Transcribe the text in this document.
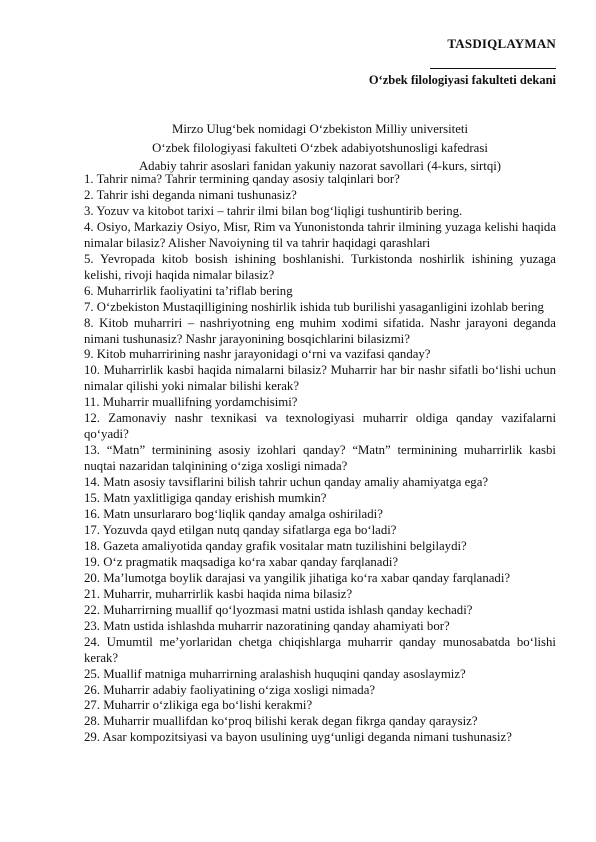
TASDIQLAYMAN
O‘zbek filologiyasi fakulteti dekani
Mirzo Ulug‘bek nomidagi O‘zbekiston Milliy universiteti
O‘zbek filologiyasi fakulteti O‘zbek adabiyotshunosligi kafedrasi
Adabiy tahrir asoslari fanidan yakuniy nazorat savollari (4-kurs, sirtqi)

1. Tahrir nima? Tahrir termining qanday asosiy talqinlari bor?

2. Tahrir ishi deganda nimani tushunasiz?

3. Yozuv va kitobot tarixi – tahrir ilmi bilan bog‘liqligi tushuntirib bering.

4. Osiyo, Markaziy Osiyo, Misr, Rim va Yunonistonda tahrir ilmining yuzaga kelishi haqida nimalar bilasiz? Alisher Navoiyning til va tahrir haqidagi qarashlari

5. Yevropada kitob bosish ishining boshlanishi. Turkistonda noshirlik ishining yuzaga kelishi, rivoji haqida nimalar bilasiz?

6. Muharrirlik faoliyatini ta’riflab bering

7. O‘zbekiston Mustaqilligining noshirlik ishida tub burilishi yasaganligini izohlab bering

8. Kitob muharriri – nashriyotning eng muhim xodimi sifatida. Nashr jarayoni deganda nimani tushunasiz? Nashr jarayonining bosqichlarini bilasizmi?

9. Kitob muharririning nashr jarayonidagi o‘rni va vazifasi qanday?

10. Muharrirlik kasbi haqida nimalarni bilasiz? Muharrir har bir nashr sifatli bo‘lishi uchun nimalar qilishi yoki nimalar bilishi kerak?

11. Muharrir muallifning yordamchisimi?

12. Zamonaviy nashr texnikasi va texnologiyasi muharrir oldiga qanday vazifalarni qo‘yadi?

13. “Matn” terminining asosiy izohlari qanday? “Matn” terminining muharrirlik kasbi nuqtai nazaridan talqinining o‘ziga xosligi nimada?

14. Matn asosiy tavsiflarini bilish tahrir uchun qanday amaliy ahamiyatga ega?

15. Matn yaxlitligiga qanday erishish mumkin?

16. Matn unsurlararo bog‘liqlik qanday amalga oshiriladi?

17. Yozuvda qayd etilgan nutq qanday sifatlarga ega bo‘ladi?

18. Gazeta amaliyotida qanday grafik vositalar matn tuzilishini belgilaydi?

19. O‘z pragmatik maqsadiga ko‘ra xabar qanday farqlanadi?

20. Ma’lumotga boylik darajasi va yangilik jihatiga ko‘ra xabar qanday farqlanadi?

21. Muharrir, muharrirlik kasbi haqida nima bilasiz?

22. Muharrirning muallif qo‘lyozmasi matni ustida ishlash qanday kechadi?

23. Matn ustida ishlashda muharrir nazoratining qanday ahamiyati bor?

24. Umumtil me’yorlaridan chetga chiqishlarga muharrir qanday munosabatda bo‘lishi kerak?

25. Muallif matniga muharrirning aralashish huquqini qanday asoslaymiz?

26. Muharrir adabiy faoliyatining o‘ziga xosligi nimada?

27. Muharrir o‘zlikiga ega bo‘lishi kerakmi?

28. Muharrir muallifdan ko‘proq bilishi kerak degan fikrga qanday qaraysiz?

29. Asar kompozitsiyasi va bayon usulining uyg‘unligi deganda nimani tushunasiz?
